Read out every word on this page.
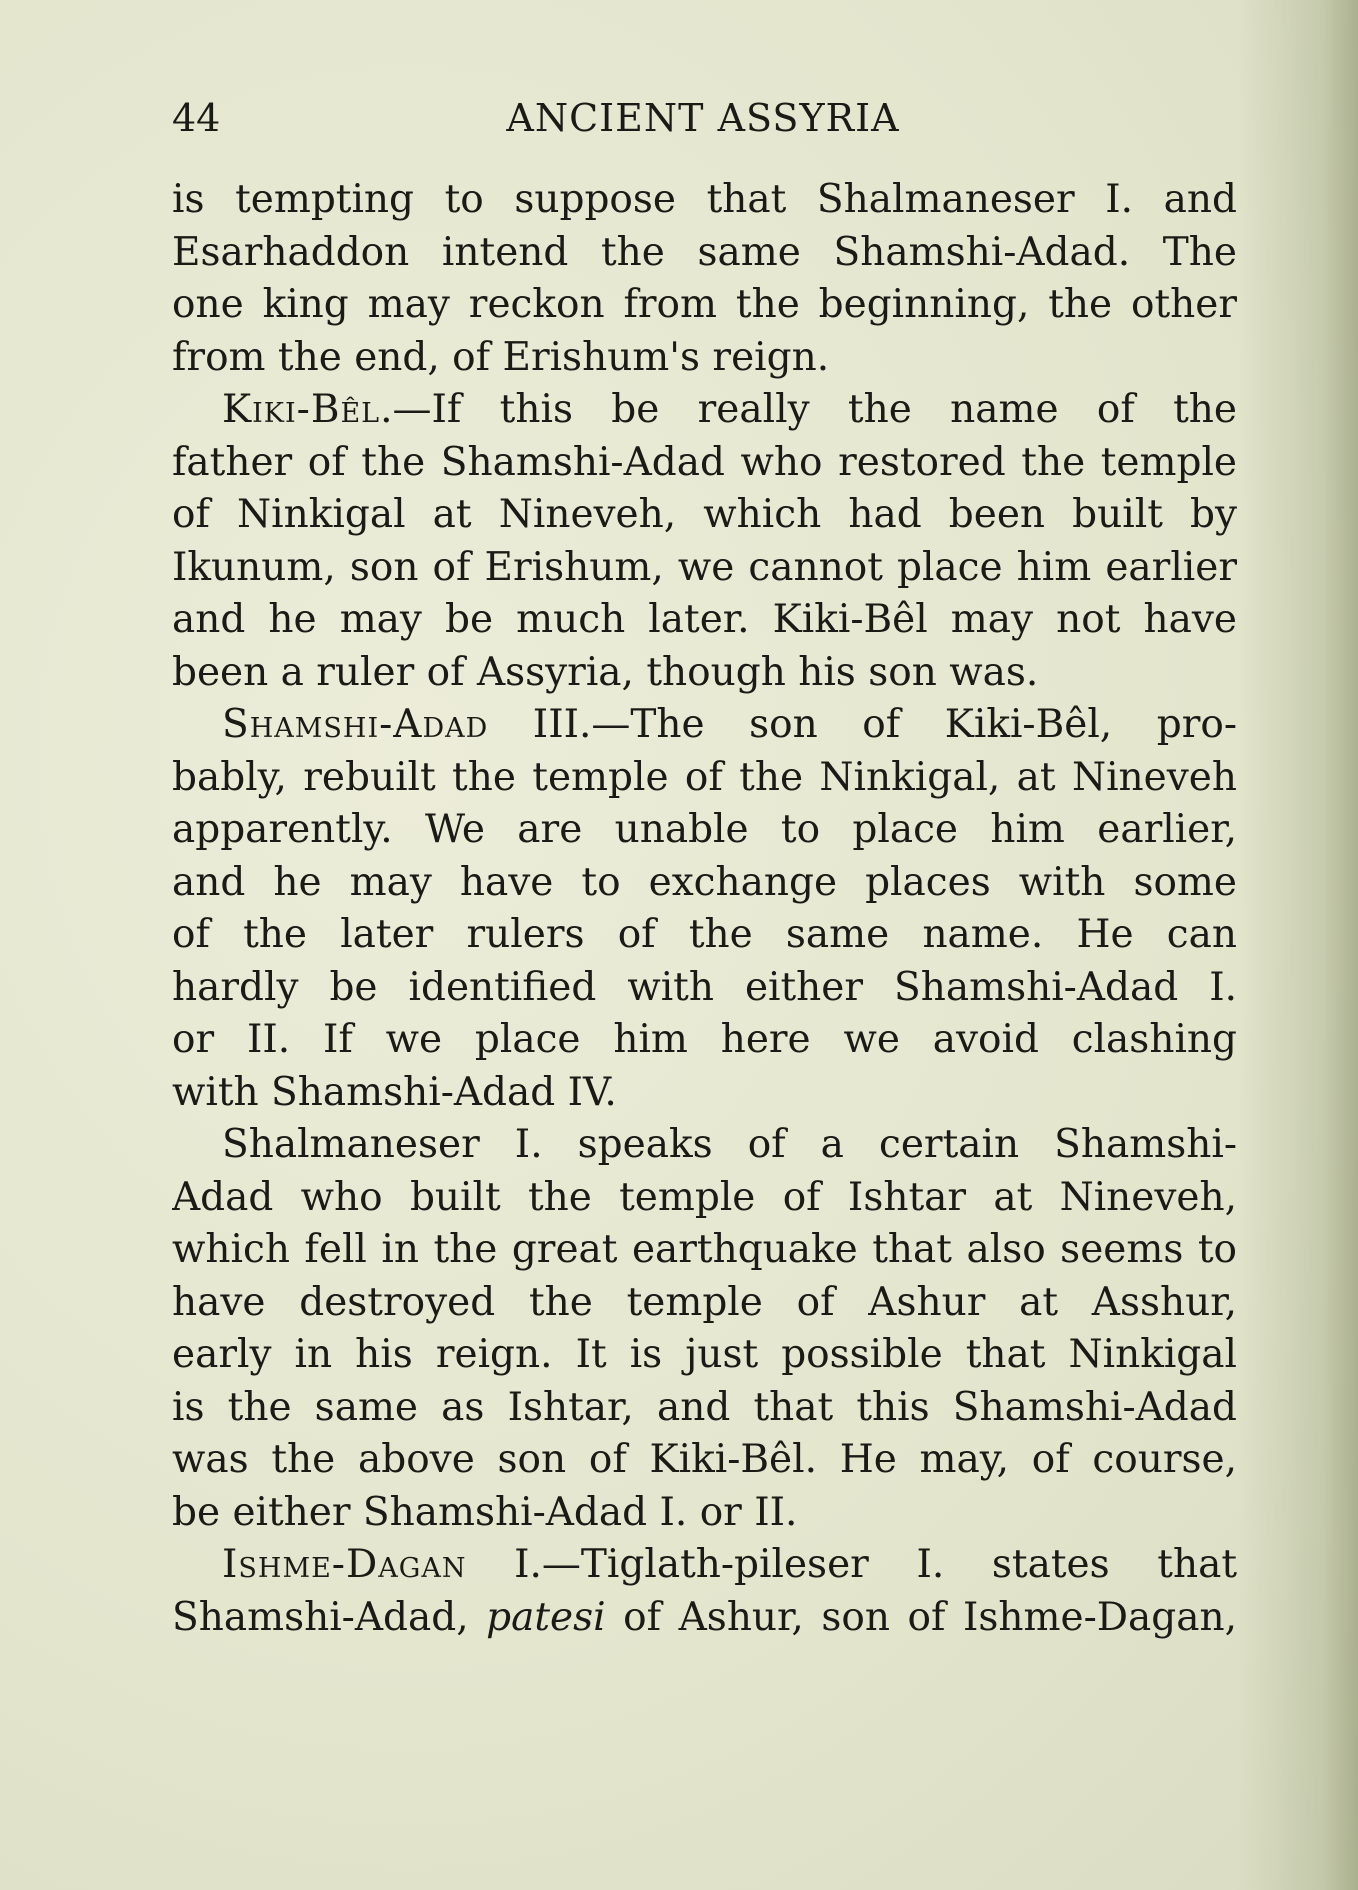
44	ANCIENT ASSYRIA
is tempting to suppose that Shalmaneser I. and
Esarhaddon intend the same Shamshi-Adad. The
one king may reckon from the beginning, the other
from the end, of Erishum's reign.
Kiki-Bêl.—If this be really the name of the
father of the Shamshi-Adad who restored the temple
of Ninkigal at Nineveh, which had been built by
Ikunum, son of Erishum, we cannot place him earlier
and he may be much later. Kiki-Bêl may not have
been a ruler of Assyria, though his son was.
Shamshi-Adad III.—The son of Kiki-Bêl, pro-
bably, rebuilt the temple of the Ninkigal, at Nineveh
apparently. We are unable to place him earlier,
and he may have to exchange places with some
of the later rulers of the same name. He can
hardly be identified with either Shamshi-Adad I.
or II. If we place him here we avoid clashing
with Shamshi-Adad IV.
Shalmaneser I. speaks of a certain Shamshi-
Adad who built the temple of Ishtar at Nineveh,
which fell in the great earthquake that also seems to
have destroyed the temple of Ashur at Asshur,
early in his reign. It is just possible that Ninkigal
is the same as Ishtar, and that this Shamshi-Adad
was the above son of Kiki-Bêl. He may, of course,
be either Shamshi-Adad I. or II.
Ishme-Dagan I.—Tiglath-pileser I. states that
Shamshi-Adad, patesi of Ashur, son of Ishme-Dagan,
